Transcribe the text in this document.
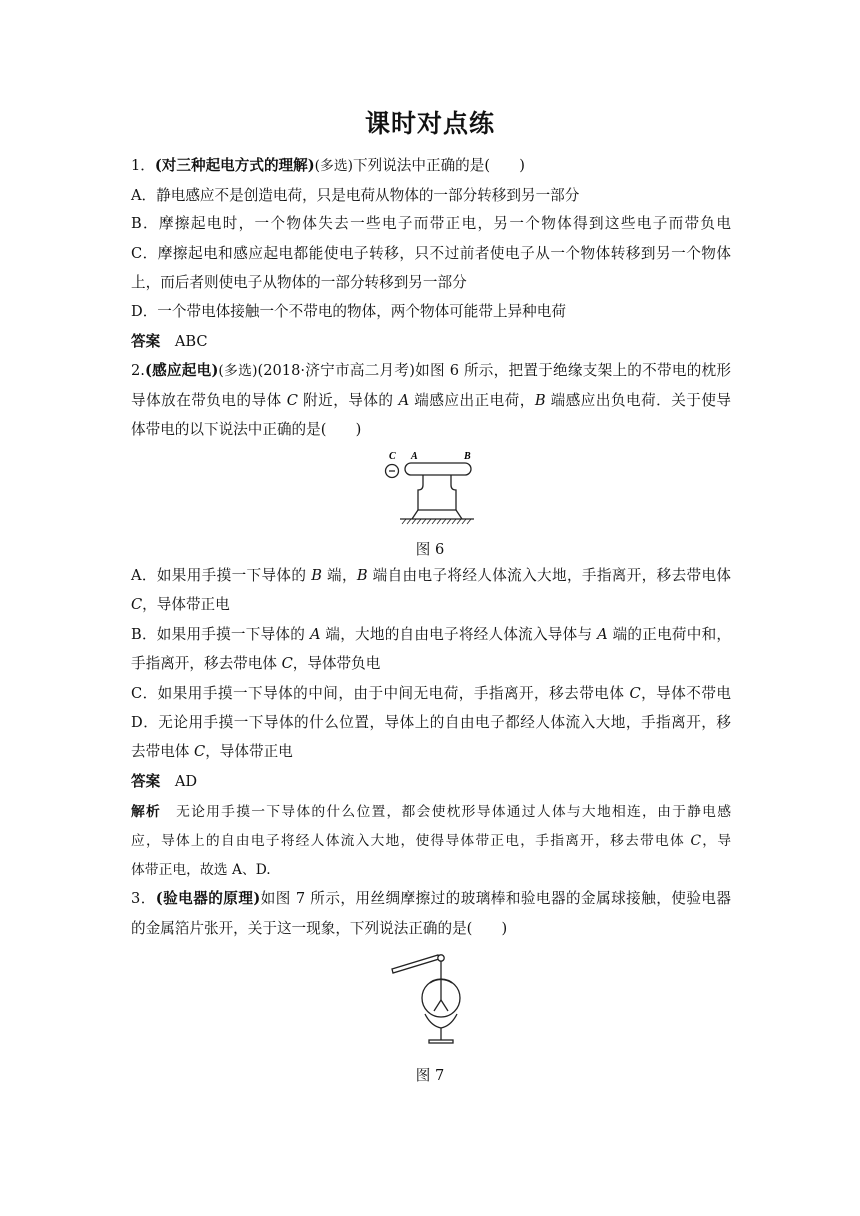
课时对点练
1．(对三种起电方式的理解)(多选)下列说法中正确的是(　　)
A．静电感应不是创造电荷，只是电荷从物体的一部分转移到另一部分
B．摩擦起电时，一个物体失去一些电子而带正电，另一个物体得到这些电子而带负电
C．摩擦起电和感应起电都能使电子转移，只不过前者使电子从一个物体转移到另一个物体
上，而后者则使电子从物体的一部分转移到另一部分
D．一个带电体接触一个不带电的物体，两个物体可能带上异种电荷
答案　 ABC
2.(感应起电)(多选)(2018·济宁市高二月考)如图 6 所示，把置于绝缘支架上的不带电的枕形
导体放在带负电的导体 C 附近，导体的 A 端感应出正电荷，B 端感应出负电荷．关于使导
体带电的以下说法中正确的是(　　)
C A	B
图 6
A．如果用手摸一下导体的 B 端，B 端自由电子将经人体流入大地，手指离开，移去带电体
C，导体带正电
B．如果用手摸一下导体的 A 端，大地的自由电子将经人体流入导体与 A 端的正电荷中和，
手指离开，移去带电体 C，导体带负电
C．如果用手摸一下导体的中间，由于中间无电荷，手指离开，移去带电体 C，导体不带电
D．无论用手摸一下导体的什么位置，导体上的自由电子都经人体流入大地，手指离开，移
去带电体 C，导体带正电
答案　 AD
解析　 无论用手摸一下导体的什么位置，都会使枕形导体通过人体与大地相连，由于静电感
应，导体上的自由电子将经人体流入大地，使得导体带正电，手指离开，移去带电体 C，导
体带正电，故选 A、D.
3．(验电器的原理)如图 7 所示，用丝绸摩擦过的玻璃棒和验电器的金属球接触，使验电器
的金属箔片张开，关于这一现象，下列说法正确的是(　　)
图 7
